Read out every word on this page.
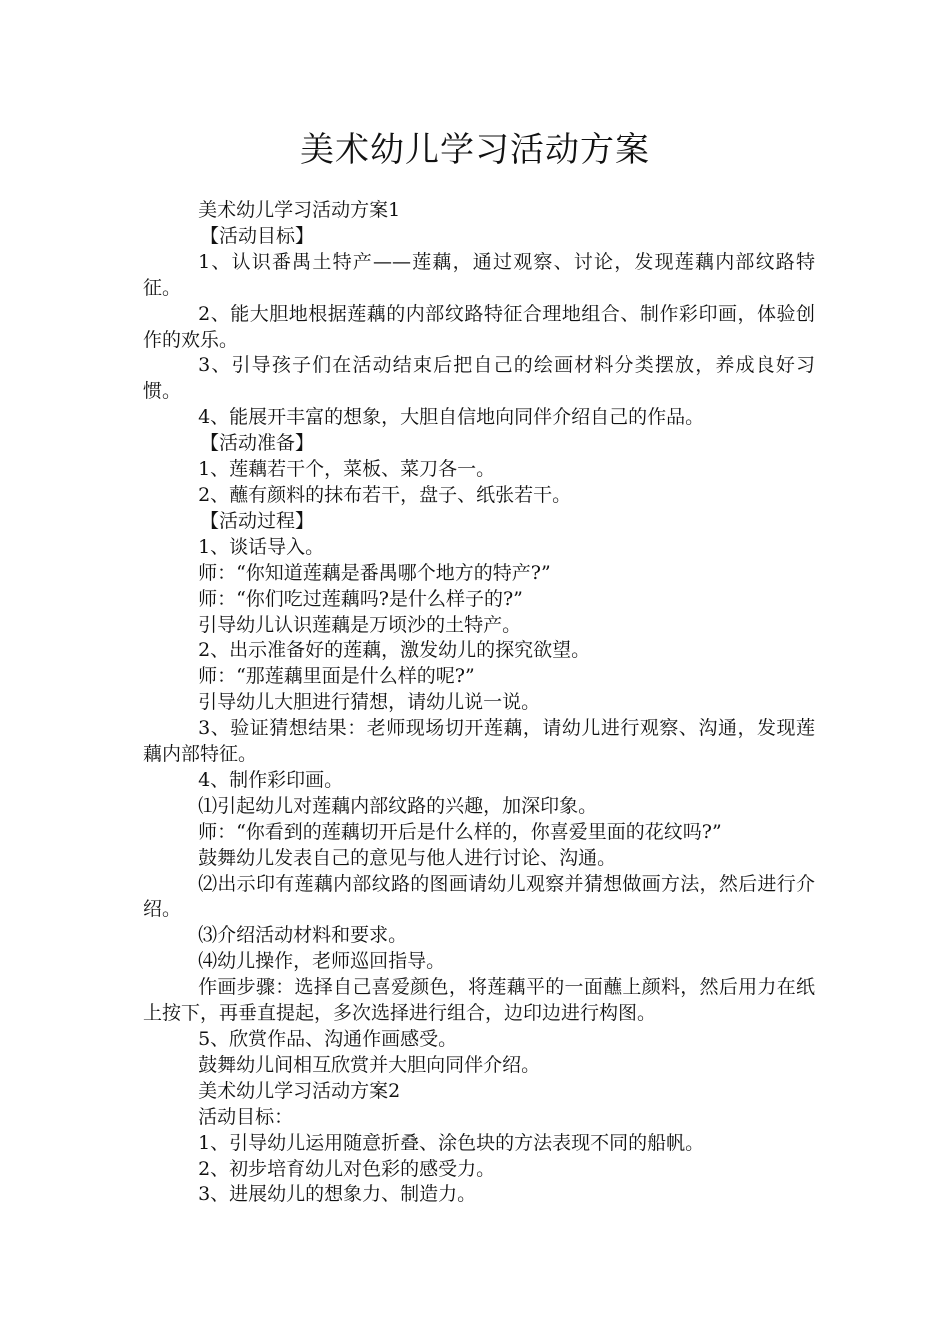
美术幼儿学习活动方案

美术幼儿学习活动方案1

【活动目标】

1、认识番禺土特产——莲藕，通过观察、讨论，发现莲藕内部纹路特征。

2、能大胆地根据莲藕的内部纹路特征合理地组合、制作彩印画，体验创作的欢乐。

3、引导孩子们在活动结束后把自己的绘画材料分类摆放，养成良好习惯。

4、能展开丰富的想象，大胆自信地向同伴介绍自己的作品。

【活动准备】

1、莲藕若干个，菜板、菜刀各一。

2、蘸有颜料的抹布若干，盘子、纸张若干。

【活动过程】

1、谈话导入。

师：“你知道莲藕是番禺哪个地方的特产?”

师：“你们吃过莲藕吗?是什么样子的?”

引导幼儿认识莲藕是万顷沙的土特产。

2、出示准备好的莲藕，激发幼儿的探究欲望。

师：“那莲藕里面是什么样的呢?”

引导幼儿大胆进行猜想，请幼儿说一说。

3、验证猜想结果：老师现场切开莲藕，请幼儿进行观察、沟通，发现莲藕内部特征。

4、制作彩印画。

⑴引起幼儿对莲藕内部纹路的兴趣，加深印象。

师：“你看到的莲藕切开后是什么样的，你喜爱里面的花纹吗?”

鼓舞幼儿发表自己的意见与他人进行讨论、沟通。

⑵出示印有莲藕内部纹路的图画请幼儿观察并猜想做画方法，然后进行介绍。

⑶介绍活动材料和要求。

⑷幼儿操作，老师巡回指导。

作画步骤：选择自己喜爱颜色，将莲藕平的一面蘸上颜料，然后用力在纸上按下，再垂直提起，多次选择进行组合，边印边进行构图。

5、欣赏作品、沟通作画感受。

鼓舞幼儿间相互欣赏并大胆向同伴介绍。

美术幼儿学习活动方案2

活动目标：

1、引导幼儿运用随意折叠、涂色块的方法表现不同的船帆。

2、初步培育幼儿对色彩的感受力。

3、进展幼儿的想象力、制造力。
